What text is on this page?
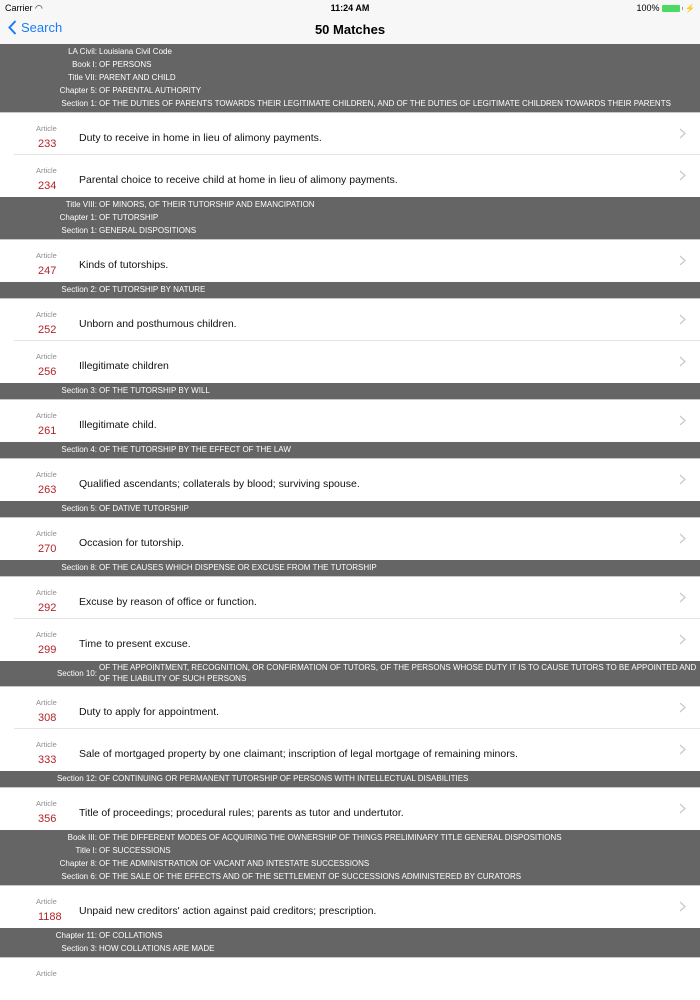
Carrier ◠	11:24 AM	100%	⚡
Search	50 Matches
LA Civil: Louisiana Civil Code
Book I: OF PERSONS
Title VII: PARENT AND CHILD
Chapter 5: OF PARENTAL AUTHORITY
Section 1: OF THE DUTIES OF PARENTS TOWARDS THEIR LEGITIMATE CHILDREN, AND OF THE DUTIES OF LEGITIMATE CHILDREN TOWARDS THEIR PARENTS
Article
233 Duty to receive in home in lieu of alimony payments.
Article
234 Parental choice to receive child at home in lieu of alimony payments.
Title VIII: OF MINORS, OF THEIR TUTORSHIP AND EMANCIPATION
Chapter 1: OF TUTORSHIP
Section 1: GENERAL DISPOSITIONS
Article
247 Kinds of tutorships.
Section 2: OF TUTORSHIP BY NATURE
Article
252 Unborn and posthumous children.
Article
256 Illegitimate children
Section 3: OF THE TUTORSHIP BY WILL
Article
261 Illegitimate child.
Section 4: OF THE TUTORSHIP BY THE EFFECT OF THE LAW
Article
263 Qualified ascendants; collaterals by blood; surviving spouse.
Section 5: OF DATIVE TUTORSHIP
Article
270 Occasion for tutorship.
Section 8: OF THE CAUSES WHICH DISPENSE OR EXCUSE FROM THE TUTORSHIP
Article
292 Excuse by reason of office or function.
Article
299 Time to present excuse.
Section 10:
OF THE APPOINTMENT, RECOGNITION, OR CONFIRMATION OF TUTORS, OF THE PERSONS WHOSE DUTY IT IS TO CAUSE TUTORS TO BE APPOINTED AND OF THE LIABILITY OF SUCH PERSONS
Article
308 Duty to apply for appointment.
Article
333 Sale of mortgaged property by one claimant; inscription of legal mortgage of remaining minors.
Section 12: OF CONTINUING OR PERMANENT TUTORSHIP OF PERSONS WITH INTELLECTUAL DISABILITIES
Article
356 Title of proceedings; procedural rules; parents as tutor and undertutor.
Book III: OF THE DIFFERENT MODES OF ACQUIRING THE OWNERSHIP OF THINGS PRELIMINARY TITLE GENERAL DISPOSITIONS
Title I: OF SUCCESSIONS
Chapter 8: OF THE ADMINISTRATION OF VACANT AND INTESTATE SUCCESSIONS
Section 6: OF THE SALE OF THE EFFECTS AND OF THE SETTLEMENT OF SUCCESSIONS ADMINISTERED BY CURATORS
Article
1188 Unpaid new creditors' action against paid creditors; prescription.
Chapter 11: OF COLLATIONS
Section 3: HOW COLLATIONS ARE MADE
Article
